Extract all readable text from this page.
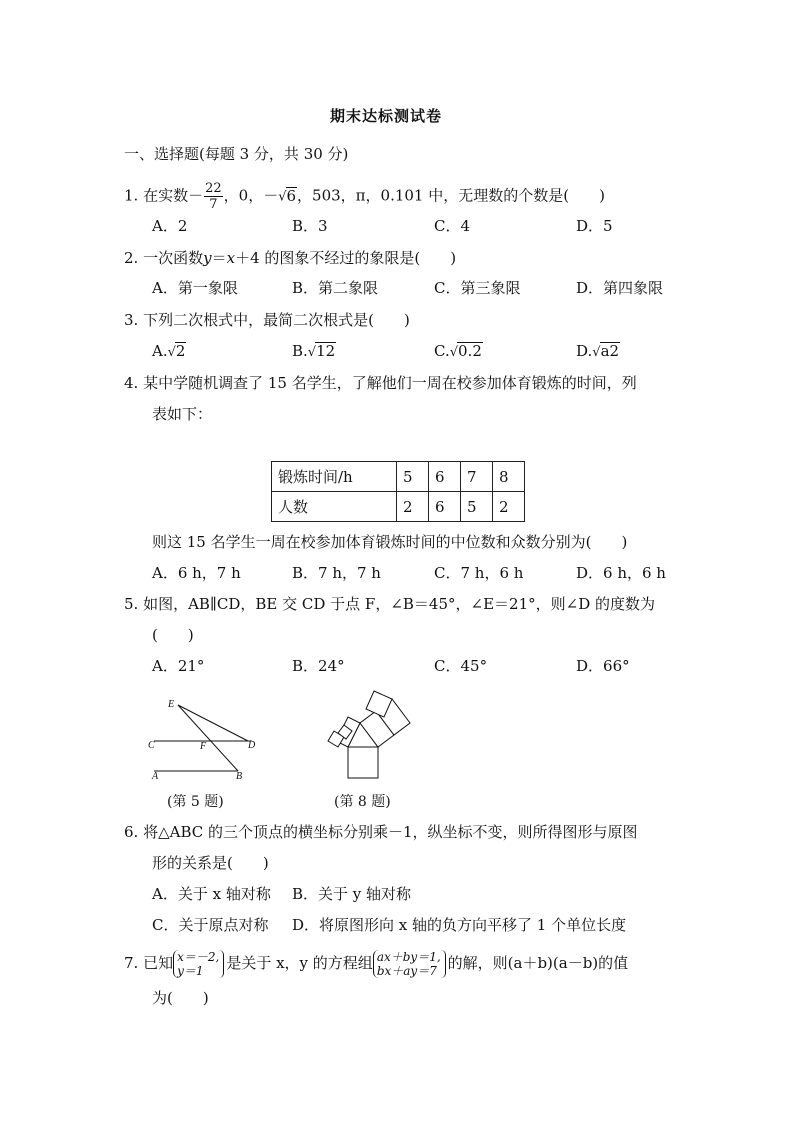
期末达标测试卷
一、选择题(每题 3 分，共 30 分)
1. 在实数－ $\frac{22}{7}$ ，0，－√6，503，π，0.101 中，无理数的个数是(　　)
A．2	B．3	C．4	D．5
2. 一次函数y＝x＋4 的图象不经过的象限是(　　)
A．第一象限	B．第二象限	C．第三象限	D．第四象限
3. 下列二次根式中，最简二次根式是(　　)
A.√2	B.√12	C.√0.2	D.√a2
4. 某中学随机调查了 15 名学生，了解他们一周在校参加体育锻炼的时间，列
表如下：
锻炼时间/h	5	6	7	8
人数	2	6	5	2
则这 15 名学生一周在校参加体育锻炼时间的中位数和众数分别为(　　)
A．6 h，7 h	B．7 h，7 h	C．7 h，6 h	D．6 h，6 h
5. 如图，AB∥CD，BE 交 CD 于点 F，∠B＝45°，∠E＝21°，则∠D 的度数为
(　　)
A．21°	B．24°	C．45°	D．66°
E
C	F	D
A	B
(第 5 题)	(第 8 题)
6. 将△ABC 的三个顶点的横坐标分别乘－1，纵坐标不变，则所得图形与原图
形的关系是(　　)
A．关于 x 轴对称 B．关于 y 轴对称
C．关于原点对称 D．将原图形向 x 轴的负方向平移了 1 个单位长度
7. 已知 x＝－2,
y＝1	是关于 x，y 的方程组 ax＋by＝1,
bx＋ay＝7 的解，则(a＋b)(a－b)的值
为(　　)
